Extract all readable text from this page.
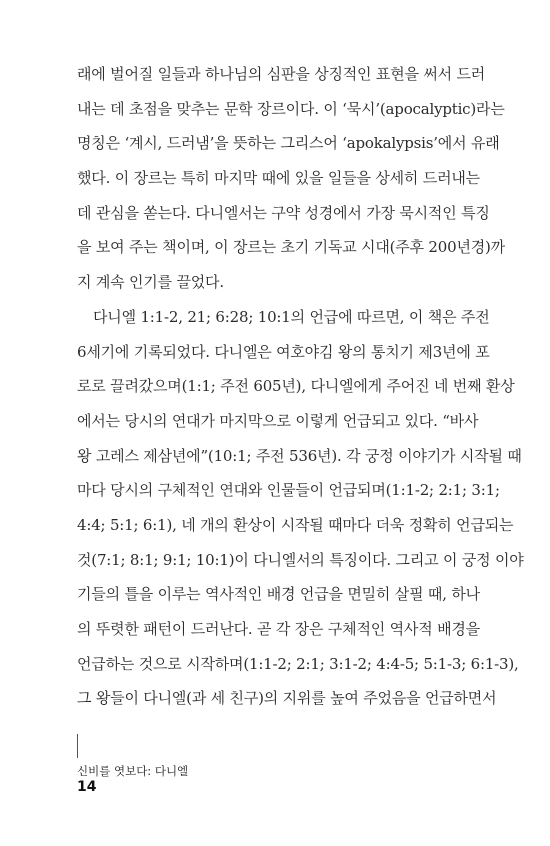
래에 벌어질 일들과 하나님의 심판을 상징적인 표현을 써서 드러
내는 데 초점을 맞추는 문학 장르이다. 이 ‘묵시’(apocalyptic)라는
명칭은 ‘계시, 드러냄’을 뜻하는 그리스어 ‘apokalypsis’에서 유래
했다. 이 장르는 특히 마지막 때에 있을 일들을 상세히 드러내는
데 관심을 쏟는다. 다니엘서는 구약 성경에서 가장 묵시적인 특징
을 보여 주는 책이며, 이 장르는 초기 기독교 시대(주후 200년경)까
지 계속 인기를 끌었다.
다니엘 1:1-2, 21; 6:28; 10:1의 언급에 따르면, 이 책은 주전
6세기에 기록되었다. 다니엘은 여호야김 왕의 통치기 제3년에 포
로로 끌려갔으며(1:1; 주전 605년), 다니엘에게 주어진 네 번째 환상
에서는 당시의 연대가 마지막으로 이렇게 언급되고 있다. “바사
왕 고레스 제삼년에”(10:1; 주전 536년). 각 궁정 이야기가 시작될 때
마다 당시의 구체적인 연대와 인물들이 언급되며(1:1-2; 2:1; 3:1;
4:4; 5:1; 6:1), 네 개의 환상이 시작될 때마다 더욱 정확히 언급되는
것(7:1; 8:1; 9:1; 10:1)이 다니엘서의 특징이다. 그리고 이 궁정 이야
기들의 틀을 이루는 역사적인 배경 언급을 면밀히 살필 때, 하나
의 뚜렷한 패턴이 드러난다. 곧 각 장은 구체적인 역사적 배경을
언급하는 것으로 시작하며(1:1-2; 2:1; 3:1-2; 4:4-5; 5:1-3; 6:1-3),
그 왕들이 다니엘(과 세 친구)의 지위를 높여 주었음을 언급하면서
신비를 엿보다: 다니엘
14
